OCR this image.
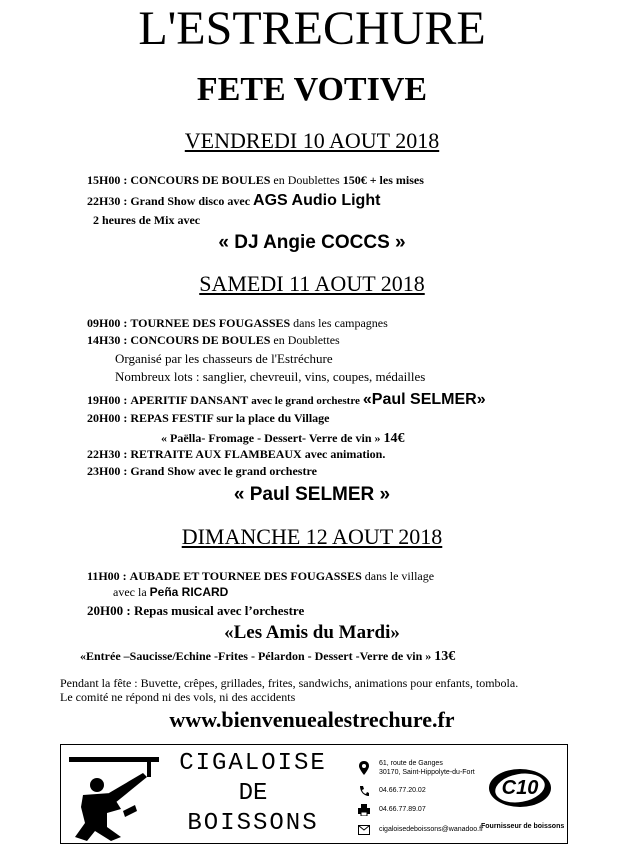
L'ESTRECHURE
FETE VOTIVE
VENDREDI 10 AOUT 2018
15H00 : CONCOURS DE BOULES en Doublettes 150€ + les mises
22H30 : Grand Show disco avec AGS Audio Light
2 heures de Mix avec
« DJ Angie COCCS »
SAMEDI 11 AOUT 2018
09H00 : TOURNEE DES FOUGASSES dans les campagnes
14H30 : CONCOURS DE BOULES en Doublettes
Organisé par les chasseurs de l'Estréchure
Nombreux lots : sanglier, chevreuil, vins, coupes, médailles
19H00 : APERITIF DANSANT avec le grand orchestre «Paul SELMER»
20H00 : REPAS FESTIF sur la place du Village
« Paëlla- Fromage - Dessert- Verre de vin » 14€
22H30 : RETRAITE AUX FLAMBEAUX avec animation.
23H00 : Grand Show avec le grand orchestre
« Paul SELMER »
DIMANCHE 12 AOUT 2018
11H00 : AUBADE ET TOURNEE DES FOUGASSES dans le village
avec la Peña RICARD
20H00 : Repas musical avec l’orchestre
«Les Amis du Mardi»
«Entrée –Saucisse/Echine -Frites - Pélardon - Dessert -Verre de vin » 13€
Pendant la fête : Buvette, crêpes, grillades, frites, sandwichs, animations pour enfants, tombola.
Le comité ne répond ni des vols, ni des accidents
www.bienvenuealestrechure.fr
CIGALOISE
DE
BOISSONS
61, route de Ganges
30170, Saint-Hippolyte-du-Fort
04.66.77.20.02
04.66.77.89.07
cigaloisedeboissons@wanadoo.fr
C10
Fournisseur de boissons
